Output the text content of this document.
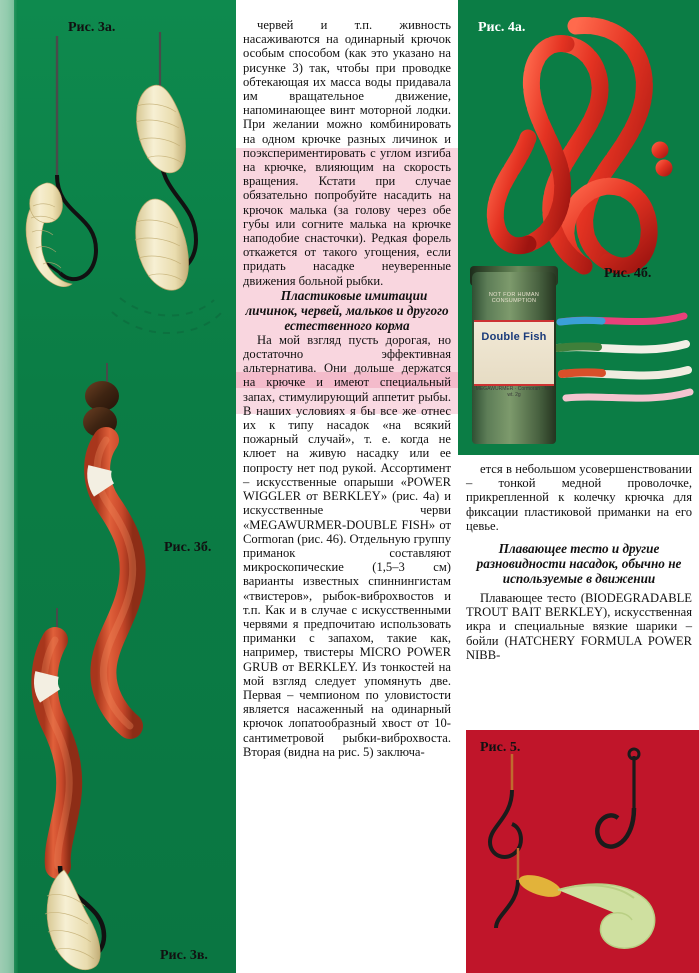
Рис. 3а.
Рис. 3б.
Рис. 3в.

червей и т.п. живность насаживаются на одинарный крючок особым способом (как это указано на рисунке 3) так, чтобы при проводке обтекающая их масса воды придавала им вращательное движение, напоминающее винт моторной лодки. При желании можно комбинировать на одном крючке разных личинок и поэкспериментировать с углом изгиба на крючке, влияющим на скорость вращения. Кстати при случае обязательно попробуйте насадить на крючок малька (за голову через обе губы или согните малька на крючке наподобие снасточки). Редкая форель откажется от такого угощения, если придать насадке неуверенные движения больной рыбки.

Пластиковые имитации личинок, червей, мальков и другого естественного корма

На мой взгляд пусть дорогая, но достаточно эффективная альтернатива. Они дольше держатся на крючке и имеют специальный запах, стимулирующий аппетит рыбы. В наших условиях я бы все же отнес их к типу насадок «на всякий пожарный случай», т. е. когда не клюет на живую насадку или ее попросту нет под рукой. Ассортимент – искусственные опарыши «POWER WIGGLER от BERKLEY» (рис. 4а) и искусственные черви «MEGAWURMER-DOUBLE FISH» от Cormoran (рис. 46). Отдельную группу приманок составляют микроскопические (1,5–3 см) варианты известных спиннингистам «твистеров», рыбок-виброхвостов и т.п. Как и в случае с искусственными червями я предпочитаю использовать приманки с запахом, такие как, например, твистеры MICRO POWER GRUB от BERKLEY. Из тонкостей на мой взгляд следует упомянуть две. Первая – чемпионом по уловистости является насаженный на одинарный крючок лопатообразный хвост от 10-сантиметровой рыбки-виброхвоста. Вторая (видна на рис. 5) заключа-

Рис. 4а.
Рис. 4б.
NOT FOR HUMAN CONSUMPTION
Double Fish
MEGAWURMER · Cormoran · Net wt. 2g

ется в небольшом усовершенствовании – тонкой медной проволочке, прикрепленной к колечку крючка для фиксации пластиковой приманки на его цевье.

Плавающее тесто и другие разновидности насадок, обычно не используемые в движении

Плавающее тесто (BIODEGRADABLE TROUT BAIT BERKLEY), искусственная икра и специальные вязкие шарики – бойли (HATCHERY FORMULA POWER NIBB-

Рис. 5.
